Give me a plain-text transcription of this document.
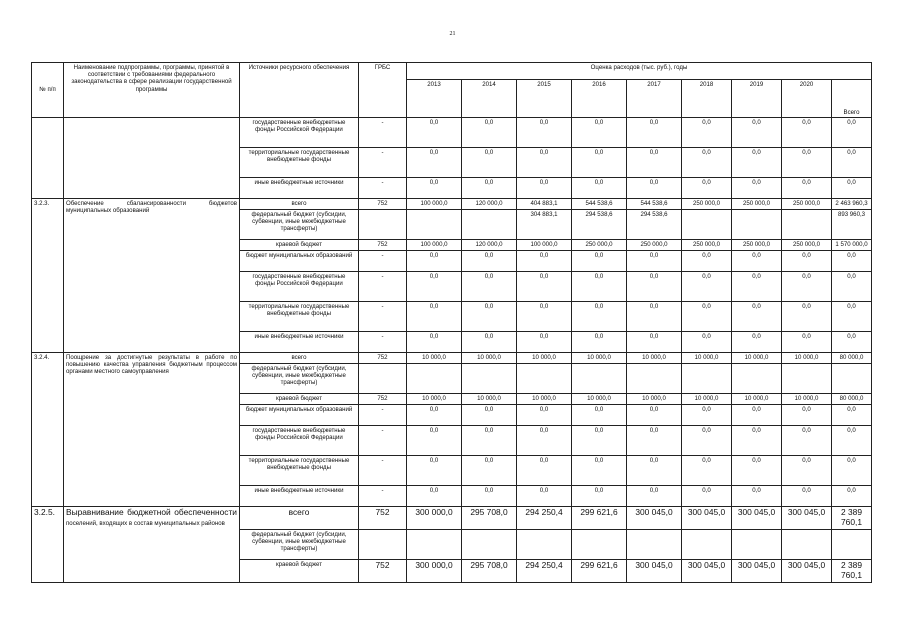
21
№ п/п	Наименование подпрограммы, программы, принятой в соответствии с требованиями федерального законодательства в сфере реализации государственной программы	Источники ресурсного обеспечения	ГРБС	Оценка расходов (тыс. руб.), годы								
				2013	2014	2015	2016	2017	2018	2019	2020	Всего
		государственные внебюджетные фонды Российской Федерации	-	0,0	0,0	0,0	0,0	0,0	0,0	0,0	0,0	0,0
		территориальные государственные внебюджетные фонды	-	0,0	0,0	0,0	0,0	0,0	0,0	0,0	0,0	0,0
		иные внебюджетные источники	-	0,0	0,0	0,0	0,0	0,0	0,0	0,0	0,0	0,0
3.2.3.	Обеспечение сбалансированности бюджетов муниципальных образований	всего	752	100 000,0	120 000,0	404 883,1	544 538,6	544 538,6	250 000,0	250 000,0	250 000,0	2 463 960,3
		федеральный бюджет (субсидии, субвенции, иные межбюджетные трансферты)				304 883,1	294 538,6	294 538,6				893 960,3
		краевой бюджет	752	100 000,0	120 000,0	100 000,0	250 000,0	250 000,0	250 000,0	250 000,0	250 000,0	1 570 000,0
		бюджет муниципальных образований	-	0,0	0,0	0,0	0,0	0,0	0,0	0,0	0,0	0,0
		государственные внебюджетные фонды Российской Федерации	-	0,0	0,0	0,0	0,0	0,0	0,0	0,0	0,0	0,0
		территориальные государственные внебюджетные фонды	-	0,0	0,0	0,0	0,0	0,0	0,0	0,0	0,0	0,0
		иные внебюджетные источники	-	0,0	0,0	0,0	0,0	0,0	0,0	0,0	0,0	0,0
3.2.4.	Поощрение за достигнутые результаты в работе по повышению качества управления бюджетным процессом органами местного самоуправления	всего	752	10 000,0	10 000,0	10 000,0	10 000,0	10 000,0	10 000,0	10 000,0	10 000,0	80 000,0
		федеральный бюджет (субсидии, субвенции, иные межбюджетные трансферты)										
		краевой бюджет	752	10 000,0	10 000,0	10 000,0	10 000,0	10 000,0	10 000,0	10 000,0	10 000,0	80 000,0
		бюджет муниципальных образований	-	0,0	0,0	0,0	0,0	0,0	0,0	0,0	0,0	0,0
		государственные внебюджетные фонды Российской Федерации	-	0,0	0,0	0,0	0,0	0,0	0,0	0,0	0,0	0,0
		территориальные государственные внебюджетные фонды	-	0,0	0,0	0,0	0,0	0,0	0,0	0,0	0,0	0,0
		иные внебюджетные источники	-	0,0	0,0	0,0	0,0	0,0	0,0	0,0	0,0	0,0
3.2.5.	Выравнивание бюджетной обеспеченности
поселений, входящих в состав муниципальных районов	всего	752	300 000,0	295 708,0	294 250,4	299 621,6	300 045,0	300 045,0	300 045,0	300 045,0	2 389 760,1
		федеральный бюджет (субсидии, субвенции, иные межбюджетные трансферты)										
		краевой бюджет	752	300 000,0	295 708,0	294 250,4	299 621,6	300 045,0	300 045,0	300 045,0	300 045,0	2 389 760,1
